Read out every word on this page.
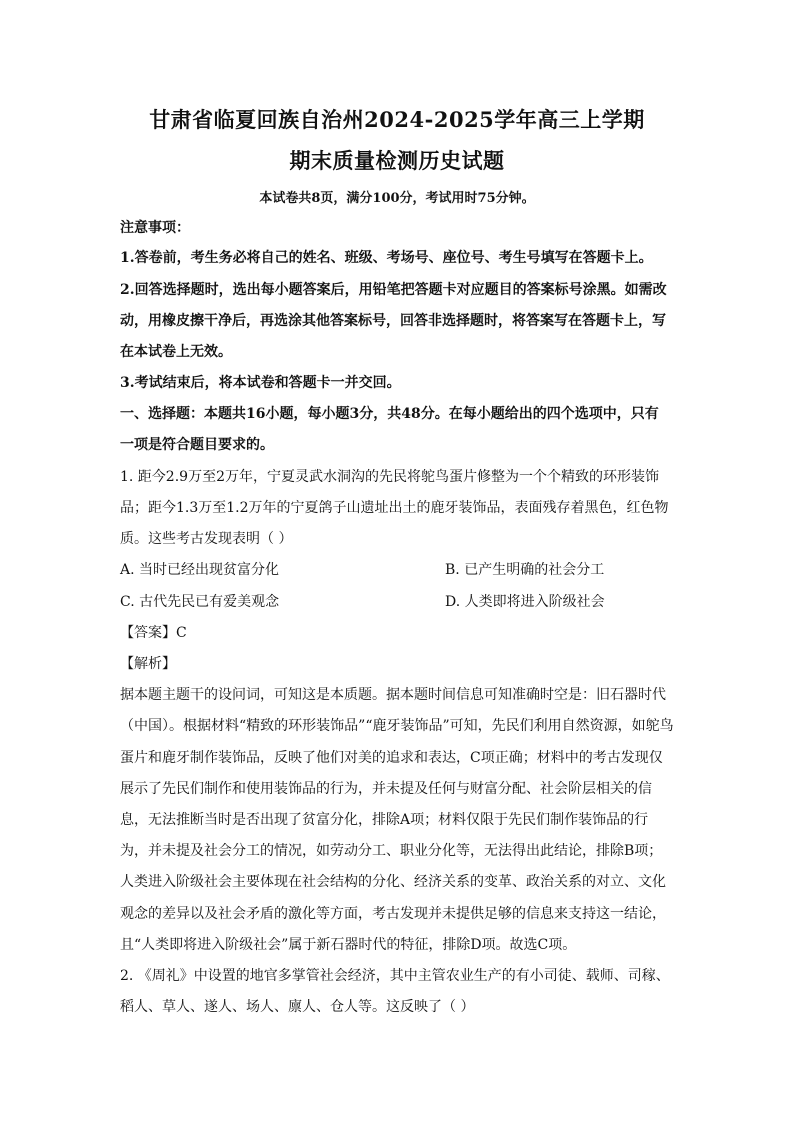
甘肃省临夏回族自治州2024-2025学年高三上学期
期末质量检测历史试题
本试卷共8页，满分100分，考试用时75分钟。
注意事项：
1.答卷前，考生务必将自己的姓名、班级、考场号、座位号、考生号填写在答题卡上。
2.回答选择题时，选出每小题答案后，用铅笔把答题卡对应题目的答案标号涂黑。如需改
动，用橡皮擦干净后，再选涂其他答案标号，回答非选择题时，将答案写在答题卡上，写
在本试卷上无效。
3.考试结束后，将本试卷和答题卡一并交回。
一、选择题：本题共16小题，每小题3分，共48分。在每小题给出的四个选项中，只有
一项是符合题目要求的。
1. 距今2.9万至2万年，宁夏灵武水洞沟的先民将鸵鸟蛋片修整为一个个精致的环形装饰
品；距今1.3万至1.2万年的宁夏鸽子山遗址出土的鹿牙装饰品，表面残存着黑色，红色物
质。这些考古发现表明（ ）
A. 当时已经出现贫富分化	B. 已产生明确的社会分工
C. 古代先民已有爱美观念	D. 人类即将进入阶级社会
【答案】C
【解析】
据本题主题干的设问词，可知这是本质题。据本题时间信息可知准确时空是：旧石器时代
（中国）。根据材料“精致的环形装饰品”“鹿牙装饰品”可知，先民们利用自然资源，如鸵鸟
蛋片和鹿牙制作装饰品，反映了他们对美的追求和表达，C项正确；材料中的考古发现仅
展示了先民们制作和使用装饰品的行为，并未提及任何与财富分配、社会阶层相关的信
息，无法推断当时是否出现了贫富分化，排除A项；材料仅限于先民们制作装饰品的行
为，并未提及社会分工的情况，如劳动分工、职业分化等，无法得出此结论，排除B项；
人类进入阶级社会主要体现在社会结构的分化、经济关系的变革、政治关系的对立、文化
观念的差异以及社会矛盾的激化等方面，考古发现并未提供足够的信息来支持这一结论，
且“人类即将进入阶级社会”属于新石器时代的特征，排除D项。故选C项。
2. 《周礼》中设置的地官多掌管社会经济，其中主管农业生产的有小司徒、载师、司稼、
稻人、草人、遂人、场人、廪人、仓人等。这反映了（ ）
